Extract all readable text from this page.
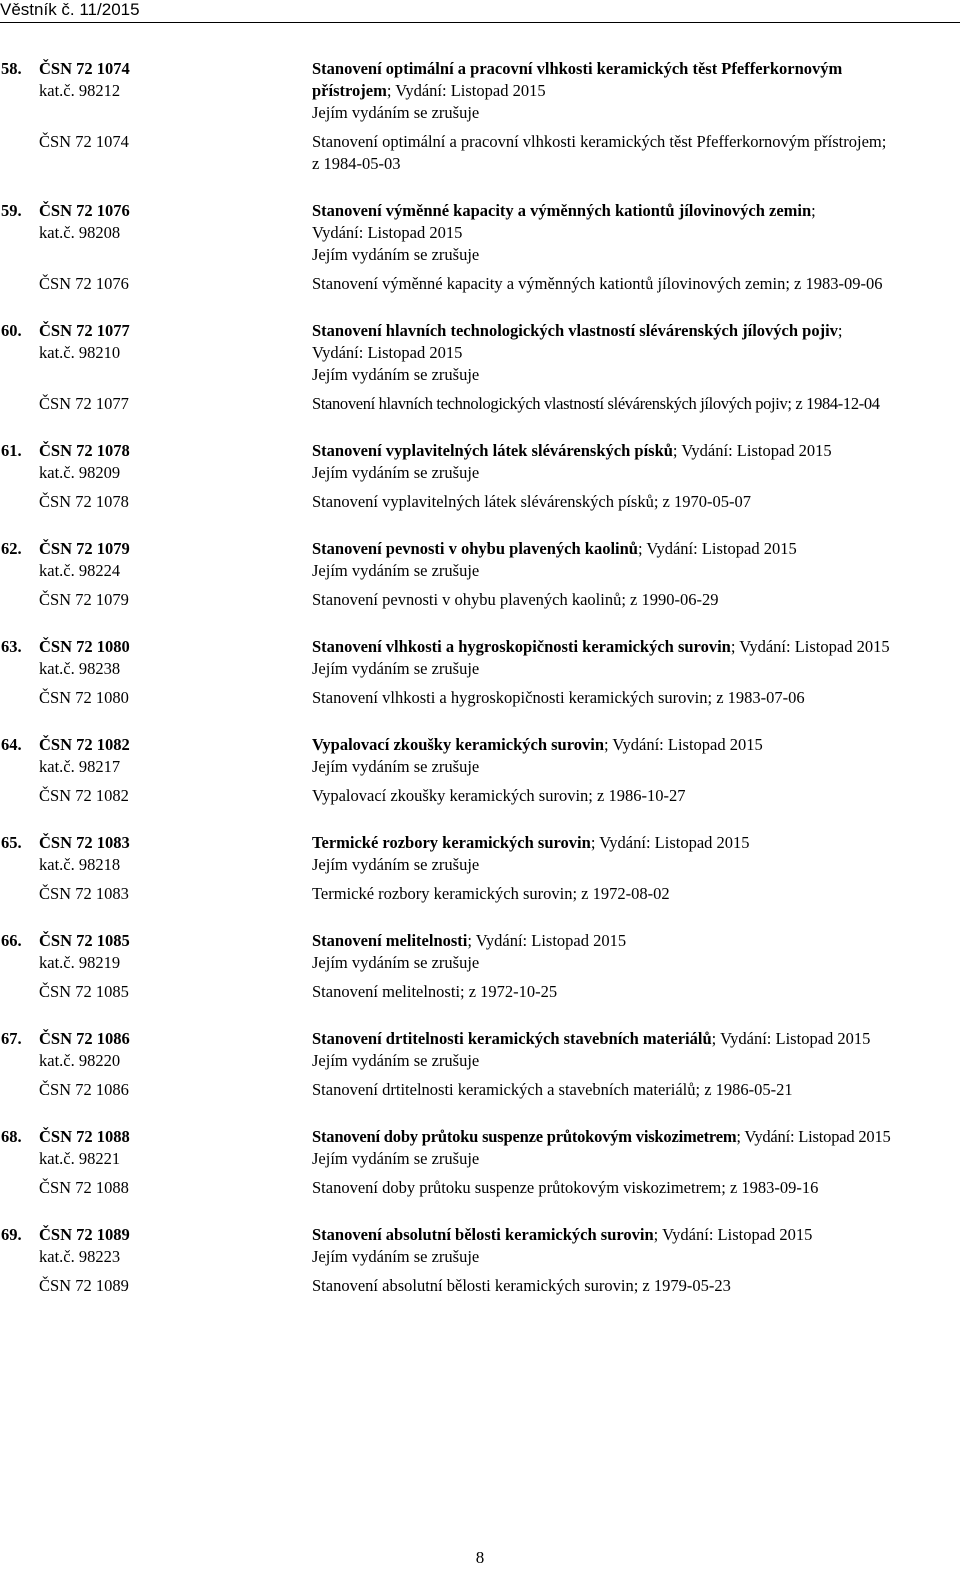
Věstník č. 11/2015
58. ČSN 72 1074	Stanovení optimální a pracovní vlhkosti keramických těst Pfefferkornovým
kat.č. 98212	přístrojem; Vydání: Listopad 2015
Jejím vydáním se zrušuje
ČSN 72 1074	Stanovení optimální a pracovní vlhkosti keramických těst Pfefferkornovým přístrojem;
z 1984-05-03
59. ČSN 72 1076	Stanovení výměnné kapacity a výměnných kationtů jílovinových zemin;
kat.č. 98208	Vydání: Listopad 2015
Jejím vydáním se zrušuje
ČSN 72 1076	Stanovení výměnné kapacity a výměnných kationtů jílovinových zemin; z 1983-09-06
60. ČSN 72 1077	Stanovení hlavních technologických vlastností slévárenských jílových pojiv;
kat.č. 98210	Vydání: Listopad 2015
Jejím vydáním se zrušuje
ČSN 72 1077	Stanovení hlavních technologických vlastností slévárenských jílových pojiv; z 1984-12-04
61. ČSN 72 1078	Stanovení vyplavitelných látek slévárenských písků; Vydání: Listopad 2015
kat.č. 98209	Jejím vydáním se zrušuje
ČSN 72 1078	Stanovení vyplavitelných látek slévárenských písků; z 1970-05-07
62. ČSN 72 1079	Stanovení pevnosti v ohybu plavených kaolinů; Vydání: Listopad 2015
kat.č. 98224	Jejím vydáním se zrušuje
ČSN 72 1079	Stanovení pevnosti v ohybu plavených kaolinů; z 1990-06-29
63. ČSN 72 1080	Stanovení vlhkosti a hygroskopičnosti keramických surovin; Vydání: Listopad 2015
kat.č. 98238	Jejím vydáním se zrušuje
ČSN 72 1080	Stanovení vlhkosti a hygroskopičnosti keramických surovin; z 1983-07-06
64. ČSN 72 1082	Vypalovací zkoušky keramických surovin; Vydání: Listopad 2015
kat.č. 98217	Jejím vydáním se zrušuje
ČSN 72 1082	Vypalovací zkoušky keramických surovin; z 1986-10-27
65. ČSN 72 1083	Termické rozbory keramických surovin; Vydání: Listopad 2015
kat.č. 98218	Jejím vydáním se zrušuje
ČSN 72 1083	Termické rozbory keramických surovin; z 1972-08-02
66. ČSN 72 1085	Stanovení melitelnosti; Vydání: Listopad 2015
kat.č. 98219	Jejím vydáním se zrušuje
ČSN 72 1085	Stanovení melitelnosti; z 1972-10-25
67. ČSN 72 1086	Stanovení drtitelnosti keramických stavebních materiálů; Vydání: Listopad 2015
kat.č. 98220	Jejím vydáním se zrušuje
ČSN 72 1086	Stanovení drtitelnosti keramických a stavebních materiálů; z 1986-05-21
68. ČSN 72 1088	Stanovení doby průtoku suspenze průtokovým viskozimetrem; Vydání: Listopad 2015
kat.č. 98221	Jejím vydáním se zrušuje
ČSN 72 1088	Stanovení doby průtoku suspenze průtokovým viskozimetrem; z 1983-09-16
69. ČSN 72 1089	Stanovení absolutní bělosti keramických surovin; Vydání: Listopad 2015
kat.č. 98223	Jejím vydáním se zrušuje
ČSN 72 1089	Stanovení absolutní bělosti keramických surovin; z 1979-05-23
8
